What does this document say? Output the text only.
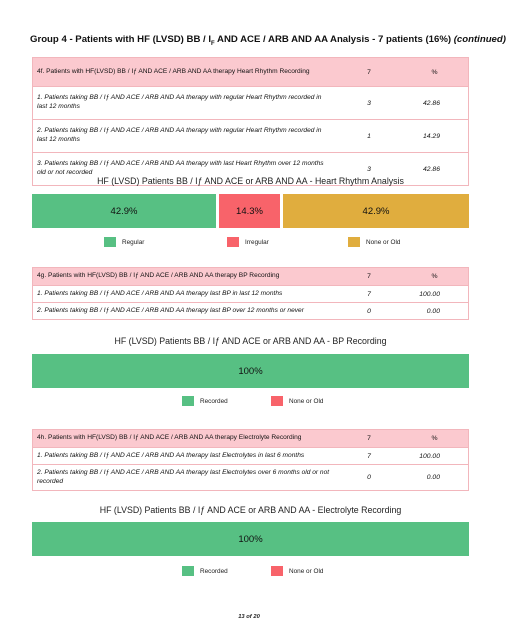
Group 4 - Patients with HF (LVSD) BB / $I_F$ AND ACE / ARB AND AA Analysis - 7 patients (16%) (continued)
4f. Patients with HF(LVSD) BB / Iƒ AND ACE / ARB AND AA therapy Heart Rhythm Recording	7	%
1. Patients taking BB / Iƒ AND ACE / ARB AND AA therapy with regular Heart Rhythm recorded in last 12 months	3	42.86
2. Patients taking BB / Iƒ AND ACE / ARB AND AA therapy with regular Heart Rhythm recorded in last 12 months	1	14.29
3. Patients taking BB / Iƒ AND ACE / ARB AND AA therapy with last Heart Rhythm over 12 months old or not recorded	3	42.86
HF (LVSD) Patients BB / Iƒ AND ACE or ARB AND AA - Heart Rhythm Analysis
42.9%	14.3%	42.9%
Regular	Irregular	None or Old
4g. Patients with HF(LVSD) BB / Iƒ AND ACE / ARB AND AA therapy BP Recording	7	%
1. Patients taking BB / Iƒ AND ACE / ARB AND AA therapy last BP in last 12 months	7	100.00
2. Patients taking BB / Iƒ AND ACE / ARB AND AA therapy last BP over 12 months or never	0	0.00
HF (LVSD) Patients BB / Iƒ AND ACE or ARB AND AA - BP Recording
100%
Recorded	None or Old
4h. Patients with HF(LVSD) BB / Iƒ AND ACE / ARB AND AA therapy Electrolyte Recording	7	%
1. Patients taking BB / Iƒ AND ACE / ARB AND AA therapy last Electrolytes in last 6 months	7	100.00
2. Patients taking BB / Iƒ AND ACE / ARB AND AA therapy last Electrolytes over 6 months old or not recorded	0	0.00
HF (LVSD) Patients BB / Iƒ AND ACE or ARB AND AA - Electrolyte Recording
100%
Recorded	None or Old
13 of 20
